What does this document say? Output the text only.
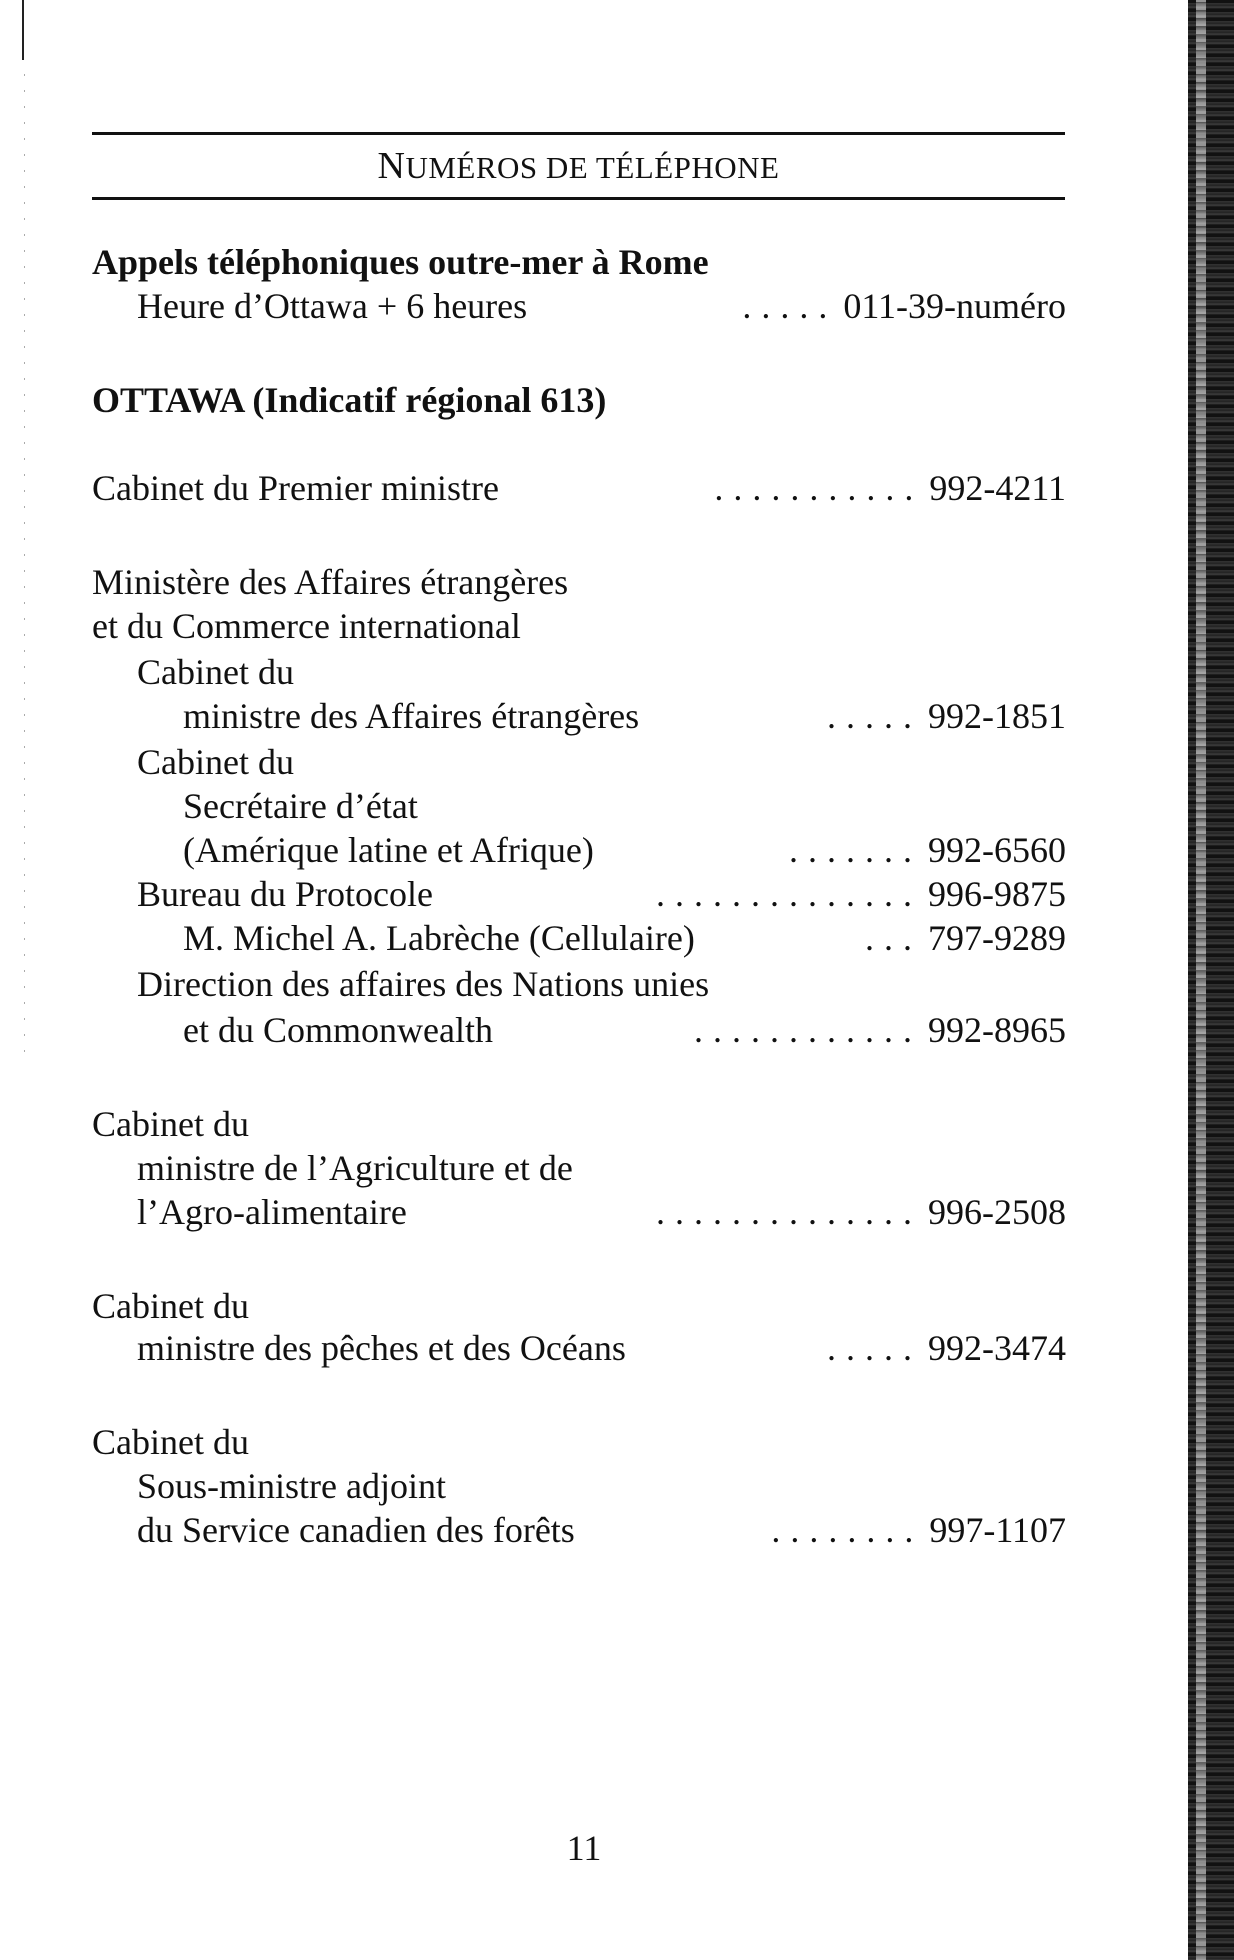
NUMÉROS DE TÉLÉPHONE
Appels téléphoniques outre-mer à Rome
Heure d’Ottawa + 6 heures	..... 011-39-numéro
OTTAWA (Indicatif régional 613)
Cabinet du Premier ministre	........... 992-4211
Ministère des Affaires étrangères
et du Commerce international
Cabinet du
ministre des Affaires étrangères	..... 992-1851
Cabinet du
Secrétaire d’état
(Amérique latine et Afrique)	....... 992-6560
Bureau du Protocole	.............. 996-9875
M. Michel A. Labrèche (Cellulaire)	... 797-9289
Direction des affaires des Nations unies
et du Commonwealth	............ 992-8965
Cabinet du
ministre de l’Agriculture et de
l’Agro-alimentaire	.............. 996-2508
Cabinet du
ministre des pêches et des Océans	..... 992-3474
Cabinet du
Sous-ministre adjoint
du Service canadien des forêts	........ 997-1107
11
